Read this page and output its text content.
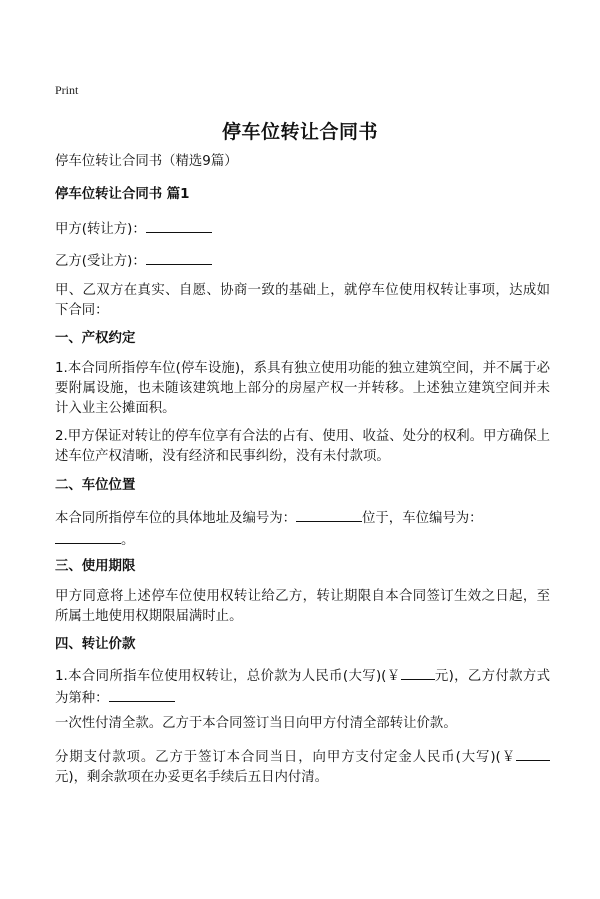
Print
停车位转让合同书
停车位转让合同书（精选9篇）
停车位转让合同书 篇1
甲方(转让方)：
乙方(受让方)：
甲、乙双方在真实、自愿、协商一致的基础上，就停车位使用权转让事项，达成如下合同：
一、产权约定
1.本合同所指停车位(停车设施)，系具有独立使用功能的独立建筑空间，并不属于必要附属设施，也未随该建筑地上部分的房屋产权一并转移。上述独立建筑空间并未计入业主公摊面积。
2.甲方保证对转让的停车位享有合法的占有、使用、收益、处分的权利。甲方确保上述车位产权清晰，没有经济和民事纠纷，没有未付款项。
二、车位位置
本合同所指停车位的具体地址及编号为：	位于，车位编号为：
。
三、使用期限
甲方同意将上述停车位使用权转让给乙方，转让期限自本合同签订生效之日起，至所属土地使用权期限届满时止。
四、转让价款
1.本合同所指车位使用权转让，总价款为人民币(大写)(￥	元)，乙方付款方式为第种：
一次性付清全款。乙方于本合同签订当日向甲方付清全部转让价款。
分期支付款项。乙方于签订本合同当日，向甲方支付定金人民币(大写)(￥元)，剩余款项在办妥更名手续后五日内付清。
